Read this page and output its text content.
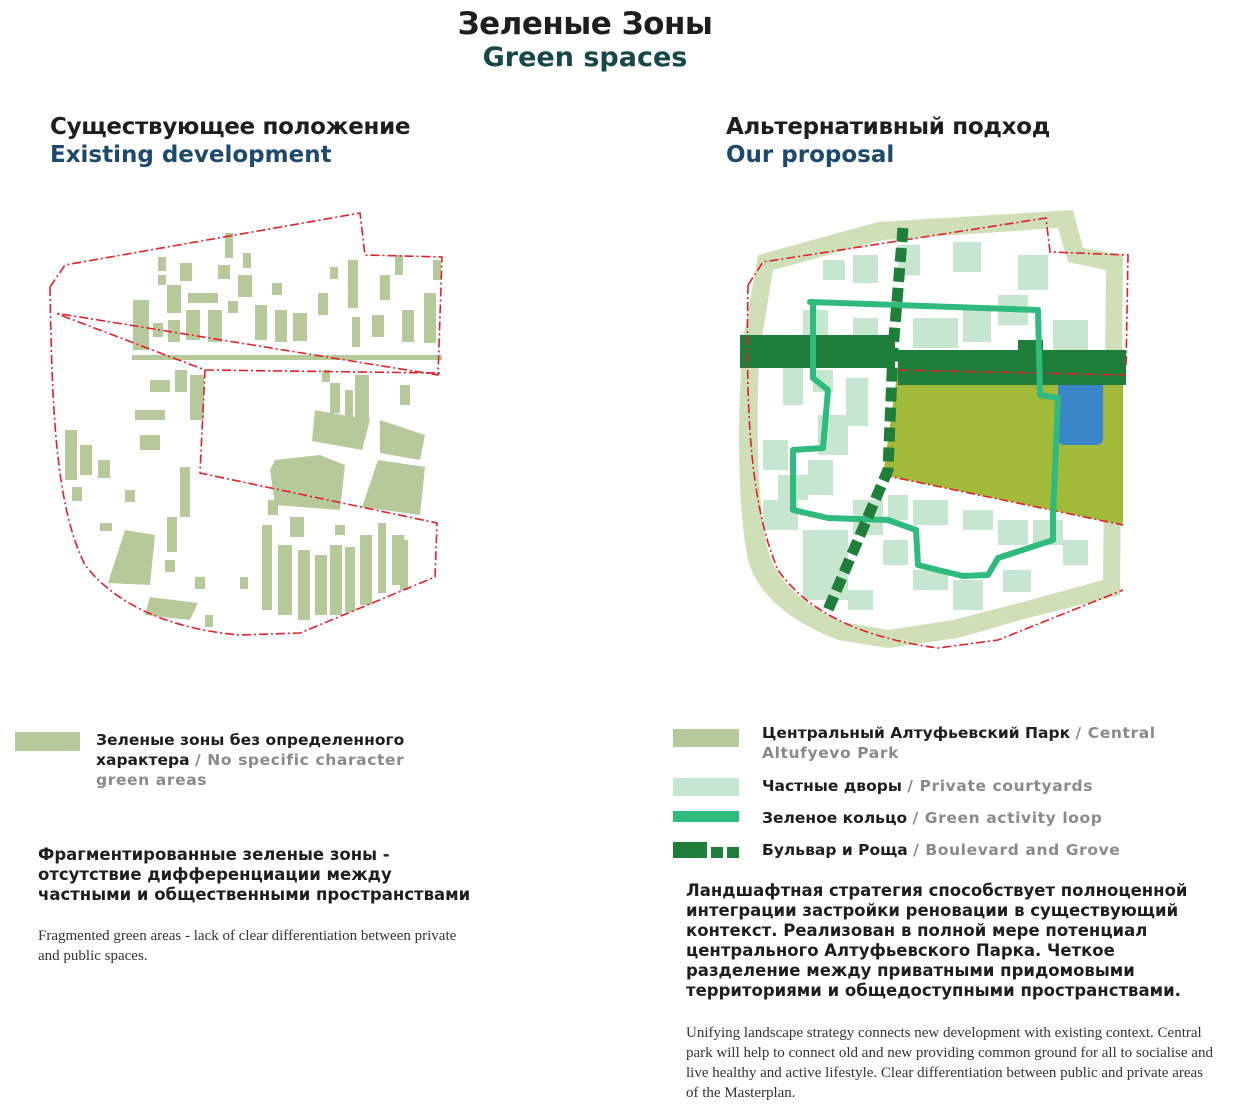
Зеленые Зоны
Green spaces
Существующее положение
Existing development
Альтернативный подход
Our proposal
Зеленые зоны без определенного характера / No specific character green areas
Фрагментированные зеленые зоны - отсутствие дифференциации между частными и общественными пространствами
Fragmented green areas - lack of clear differentiation between private and public spaces.
Центральный Алтуфьевский Парк / Central Altufyevo Park
Частные дворы / Private courtyards
Зеленое кольцо / Green activity loop
Бульвар и Роща / Boulevard and Grove
Ландшафтная стратегия способствует полноценной интеграции застройки реновации в существующий контекст. Реализован в полной мере потенциал центрального Алтуфьевского Парка. Четкое разделение между приватными придомовыми территориями и общедоступными пространствами.
Unifying landscape strategy connects new development with existing context. Central park will help to connect old and new providing common ground for all to socialise and live healthy and active lifestyle. Clear differentiation between public and private areas of the Masterplan.
